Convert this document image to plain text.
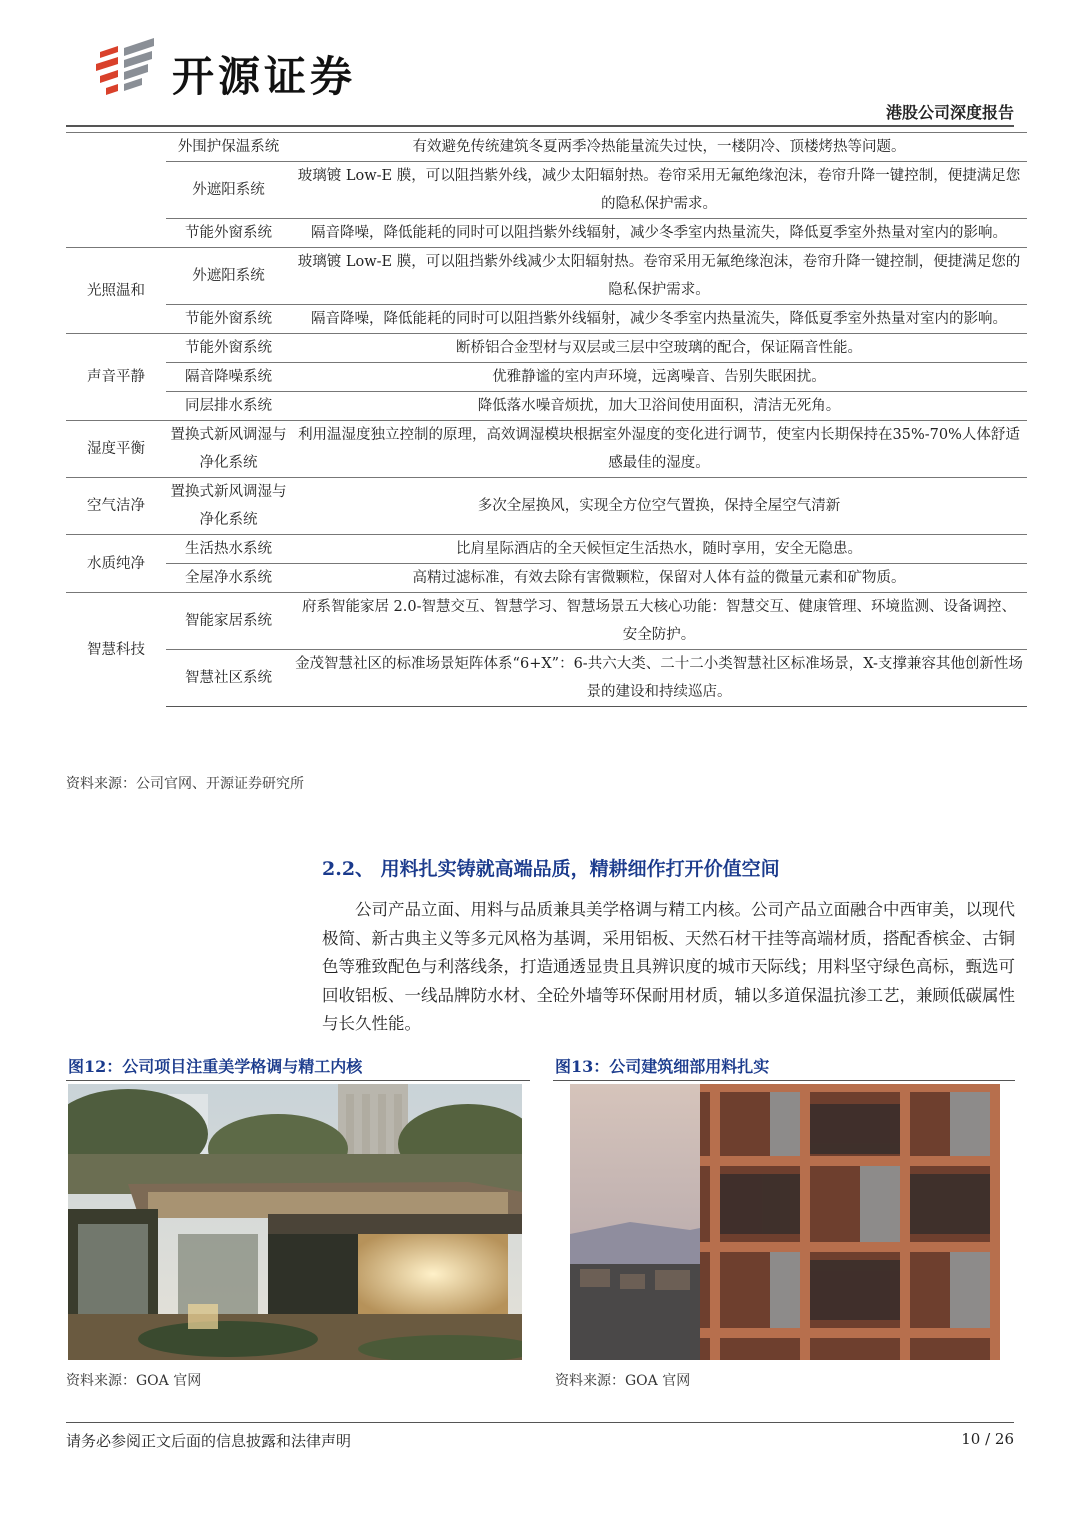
开源证券
港股公司深度报告
	外围护保温系统	有效避免传统建筑冬夏两季冷热能量流失过快，一楼阴冷、顶楼烤热等问题。
	外遮阳系统	玻璃镀 Low-E 膜，可以阻挡紫外线，减少太阳辐射热。卷帘采用无氟绝缘泡沫，卷帘升降一键控制，便捷满足您的隐私保护需求。
	节能外窗系统	隔音降噪，降低能耗的同时可以阻挡紫外线辐射，减少冬季室内热量流失，降低夏季室外热量对室内的影响。
光照温和	外遮阳系统	玻璃镀 Low-E 膜，可以阻挡紫外线减少太阳辐射热。卷帘采用无氟绝缘泡沫，卷帘升降一键控制，便捷满足您的隐私保护需求。
	节能外窗系统	隔音降噪，降低能耗的同时可以阻挡紫外线辐射，减少冬季室内热量流失，降低夏季室外热量对室内的影响。
声音平静	节能外窗系统	断桥铝合金型材与双层或三层中空玻璃的配合，保证隔音性能。
	隔音降噪系统	优雅静谧的室内声环境，远离噪音、告别失眠困扰。
	同层排水系统	降低落水噪音烦扰，加大卫浴间使用面积，清洁无死角。
湿度平衡	置换式新风调湿与净化系统	利用温湿度独立控制的原理，高效调湿模块根据室外湿度的变化进行调节，使室内长期保持在35%-70%人体舒适感最佳的湿度。
空气洁净	置换式新风调湿与净化系统	多次全屋换风，实现全方位空气置换，保持全屋空气清新
水质纯净	生活热水系统	比肩星际酒店的全天候恒定生活热水，随时享用，安全无隐患。
	全屋净水系统	高精过滤标准，有效去除有害微颗粒，保留对人体有益的微量元素和矿物质。
智慧科技	智能家居系统	府系智能家居 2.0-智慧交互、智慧学习、智慧场景五大核心功能：智慧交互、健康管理、环境监测、设备调控、安全防护。
	智慧社区系统	金茂智慧社区的标准场景矩阵体系“6+X”：6-共六大类、二十二小类智慧社区标准场景，X-支撑兼容其他创新性场景的建设和持续巡店。
资料来源：公司官网、开源证券研究所
2.2、 用料扎实铸就高端品质，精耕细作打开价值空间

公司产品立面、用料与品质兼具美学格调与精工内核。公司产品立面融合中西审美，以现代极简、新古典主义等多元风格为基调，采用铝板、天然石材干挂等高端材质，搭配香槟金、古铜色等雅致配色与利落线条，打造通透显贵且具辨识度的城市天际线；用料坚守绿色高标，甄选可回收铝板、一线品牌防水材、全砼外墙等环保耐用材质，辅以多道保温抗渗工艺，兼顾低碳属性与长久性能。

图12：公司项目注重美学格调与精工内核
资料来源：GOA 官网
图13：公司建筑细部用料扎实
资料来源：GOA 官网
请务必参阅正文后面的信息披露和法律声明	10 / 26
